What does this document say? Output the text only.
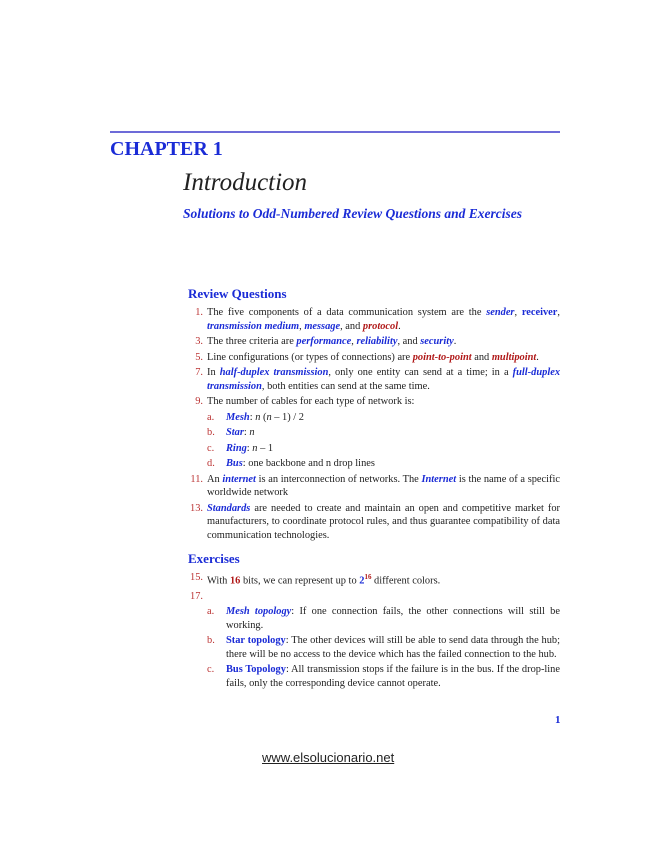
CHAPTER 1
Introduction
Solutions to Odd-Numbered Review Questions and Exercises
Review Questions
1. The five components of a data communication system are the sender, receiver, transmission medium, message, and protocol.
3. The three criteria are performance, reliability, and security.
5. Line configurations (or types of connections) are point-to-point and multipoint.
7. In half-duplex transmission, only one entity can send at a time; in a full-duplex transmission, both entities can send at the same time.
9. The number of cables for each type of network is:
a. Mesh: n (n – 1) / 2
b. Star: n
c. Ring: n – 1
d. Bus: one backbone and n drop lines
11. An internet is an interconnection of networks. The Internet is the name of a specific worldwide network
13. Standards are needed to create and maintain an open and competitive market for manufacturers, to coordinate protocol rules, and thus guarantee compatibility of data communication technologies.
Exercises
15. With 16 bits, we can represent up to $2^{16}$ different colors.
17.

a. Mesh topology: If one connection fails, the other connections will still be working.
b. Star topology: The other devices will still be able to send data through the hub; there will be no access to the device which has the failed connection to the hub.
c. Bus Topology: All transmission stops if the failure is in the bus. If the drop-line fails, only the corresponding device cannot operate.
1
www.elsolucionario.net
